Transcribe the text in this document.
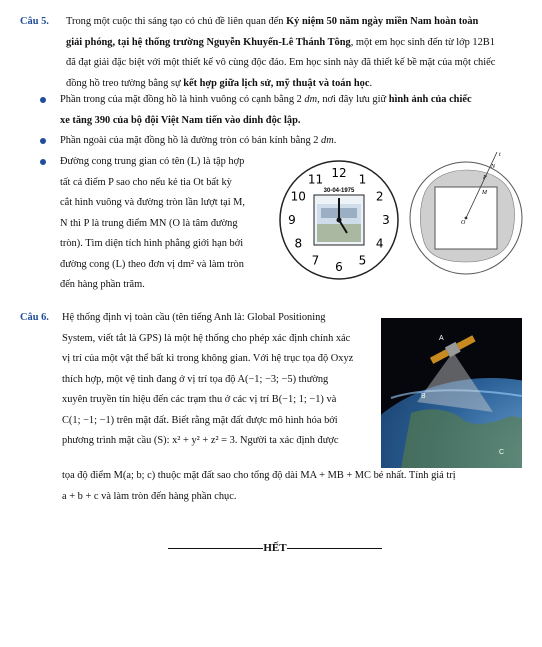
Câu 5. Trong một cuộc thi sáng tạo có chủ đề liên quan đến Kỷ niệm 50 năm ngày miền Nam hoàn toàn
giải phóng, tại hệ thống trường Nguyễn Khuyến-Lê Thánh Tông, một em học sinh đến từ lớp 12B1
đã đạt giải đặc biệt với một thiết kế vô cùng độc đáo. Em học sinh này đã thiết kế bề mặt của một chiếc
đồng hồ treo tường bằng sự kết hợp giữa lịch sử, mỹ thuật và toán học.
Phần trong của mặt đồng hồ là hình vuông có cạnh bằng 2 dm, nơi đây lưu giữ hình ảnh của chiếc
xe tăng 390 của bộ đội Việt Nam tiến vào dinh độc lập.
Phần ngoài của mặt đồng hồ là đường tròn có bán kính bằng 2 dm.
Đường cong trung gian có tên (L) là tập hợp
tất cả điểm P sao cho nếu kẻ tia Ot bất kỳ
cắt hình vuông và đường tròn lần lượt tại M,
N thì P là trung điểm MN (O là tâm đường
tròn). Tìm diện tích hình phẳng giới hạn bởi
đường cong (L) theo đơn vị dm² và làm tròn
đến hàng phần trăm.
30-04-1975
12 1
2
3
4
5
6
7
8
9
10
11
t
N
P
M
O
Câu 6. Hệ thống định vị toàn cầu (tên tiếng Anh là: Global Positioning
System, viết tắt là GPS) là một hệ thống cho phép xác định chính xác
vị trí của một vật thể bất kì trong không gian. Với hệ trục tọa độ Oxyz
thích hợp, một vệ tinh đang ở vị trí tọa độ A(−1; −3; −5) thường
xuyên truyền tín hiệu đến các trạm thu ở các vị trí B(−1; 1; −1) và
C(1; −1; −1) trên mặt đất. Biết rằng mặt đất được mô hình hóa bởi
phương trình mặt cầu (S): x² + y² + z² = 3. Người ta xác định được
tọa độ điểm M(a; b; c) thuộc mặt đất sao cho tổng độ dài MA + MB + MC bé nhất. Tính giá trị
a + b + c và làm tròn đến hàng phần chục.
A
B
C
HẾT
